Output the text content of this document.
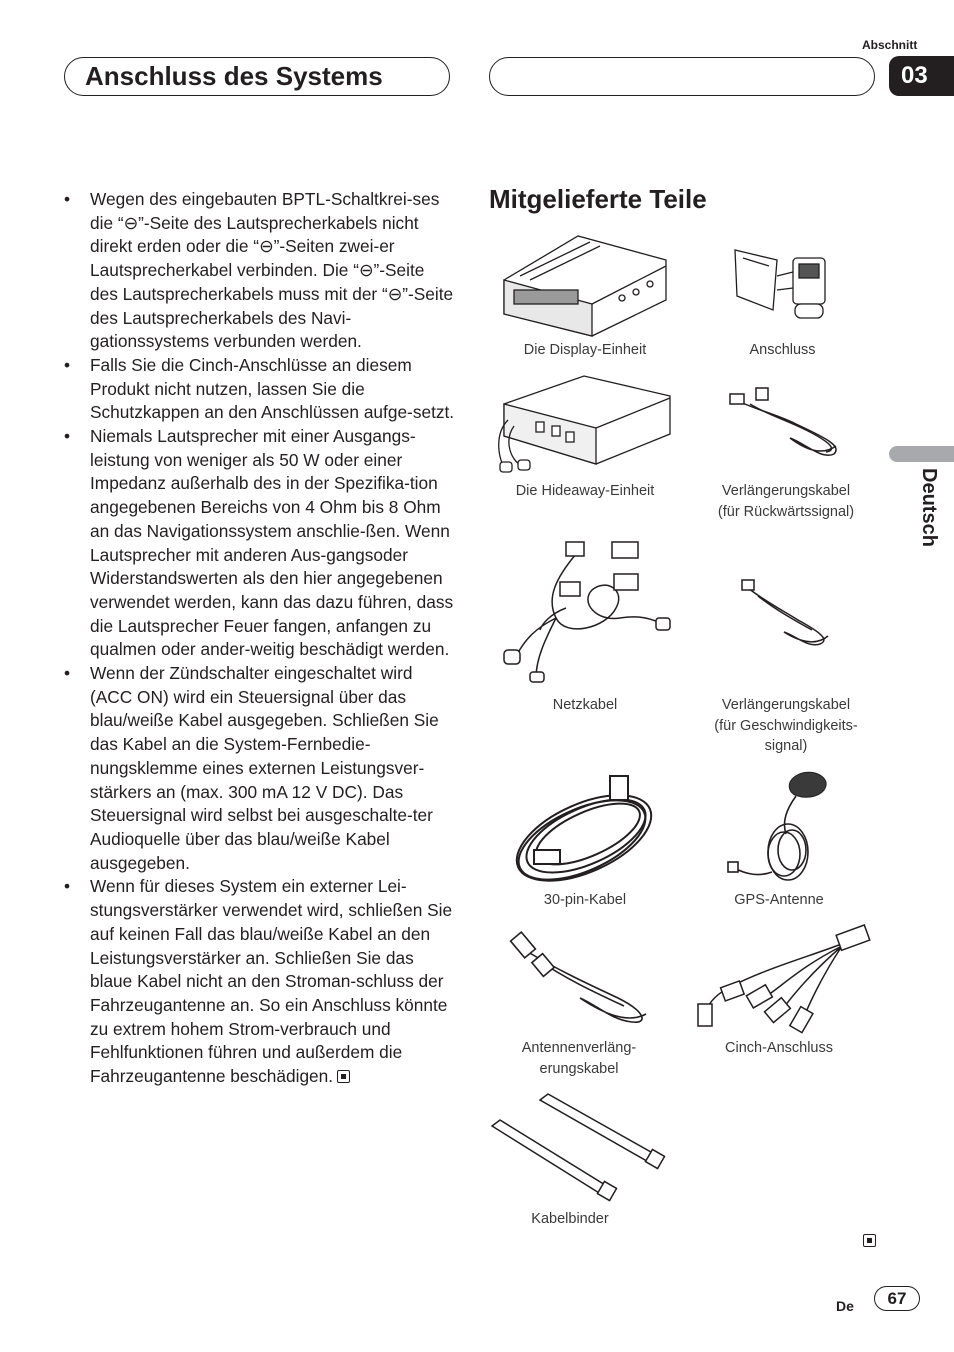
Abschnitt
03
Anschluss des Systems
Deutsch
• Wegen des eingebauten BPTL-Schaltkrei-ses die “⊖”-Seite des Lautsprecherkabels nicht direkt erden oder die “⊖”-Seiten zwei-er Lautsprecherkabel verbinden. Die “⊖”-Seite des Lautsprecherkabels muss mit der “⊖”-Seite des Lautsprecherkabels des Navi-gationssystems verbunden werden.
• Falls Sie die Cinch-Anschlüsse an diesem Produkt nicht nutzen, lassen Sie die Schutzkappen an den Anschlüssen aufge-setzt.
• Niemals Lautsprecher mit einer Ausgangs-leistung von weniger als 50 W oder einer Impedanz außerhalb des in der Spezifika-tion angegebenen Bereichs von 4 Ohm bis 8 Ohm an das Navigationssystem anschlie-ßen. Wenn Lautsprecher mit anderen Aus-gangsoder Widerstandswerten als den hier angegebenen verwendet werden, kann das dazu führen, dass die Lautsprecher Feuer fangen, anfangen zu qualmen oder ander-weitig beschädigt werden.
• Wenn der Zündschalter eingeschaltet wird (ACC ON) wird ein Steuersignal über das blau/weiße Kabel ausgegeben. Schließen Sie das Kabel an die System-Fernbedie-nungsklemme eines externen Leistungsver-stärkers an (max. 300 mA 12 V DC). Das Steuersignal wird selbst bei ausgeschalte-ter Audioquelle über das blau/weiße Kabel ausgegeben.
• Wenn für dieses System ein externer Lei-stungsverstärker verwendet wird, schließen Sie auf keinen Fall das blau/weiße Kabel an den Leistungsverstärker an. Schließen Sie das blaue Kabel nicht an den Stroman-schluss der Fahrzeugantenne an. So ein Anschluss könnte zu extrem hohem Strom-verbrauch und Fehlfunktionen führen und außerdem die Fahrzeugantenne beschädigen.
Mitgelieferte Teile
Die Display-Einheit	Anschluss
Die Hideaway-Einheit	Verlängerungskabel
(für Rückwärtssignal)
Netzkabel	Verlängerungskabel
(für Geschwindigkeits-
signal)
30-pin-Kabel	GPS-Antenne
Antennenverläng-
erungskabel
Cinch-Anschluss
Kabelbinder
De	67
